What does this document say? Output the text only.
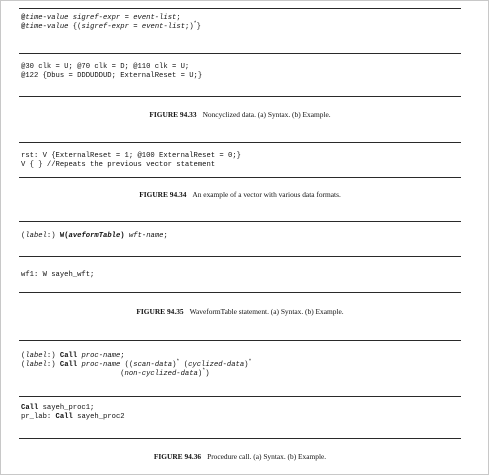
@time-value sigref-expr = event-list;
@time-value {(sigref-expr = event-list;)*}
@30 clk = U; @70 clk = D; @110 clk = U;
@122 {Dbus = DDDUDDUD; ExternalReset = U;}
FIGURE 94.33 Noncyclized data. (a) Syntax. (b) Example.
rst: V {ExternalReset = 1; @100 ExternalReset = 0;}
V { } //Repeats the previous vector statement
FIGURE 94.34 An example of a vector with various data formats.
(label:) W(aveformTable) wft-name;
wf1: W sayeh_wft;
FIGURE 94.35 WaveformTable statement. (a) Syntax. (b) Example.
(label:) Call proc-name;
(label:) Call proc-name ((scan-data)* (cyclized-data)*
(non-cyclized-data)*)
Call sayeh_proc1;
pr_lab: Call sayeh_proc2
FIGURE 94.36 Procedure call. (a) Syntax. (b) Example.
